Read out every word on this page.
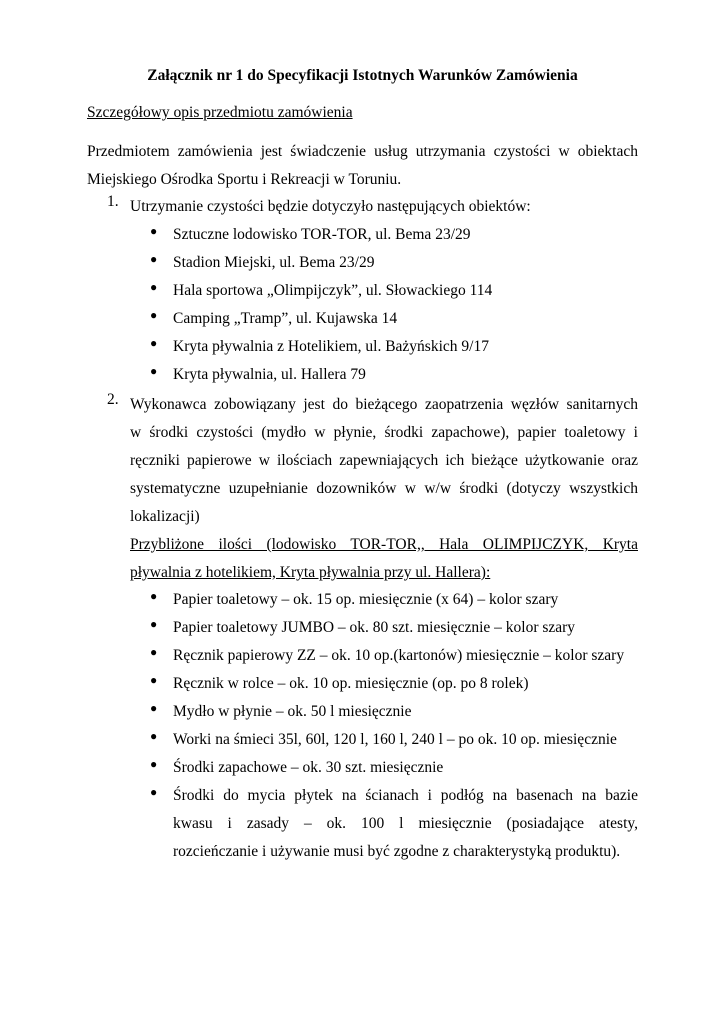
Załącznik nr 1 do Specyfikacji Istotnych Warunków Zamówienia
Szczegółowy opis przedmiotu zamówienia
Przedmiotem zamówienia jest świadczenie usług utrzymania czystości w obiektach
Miejskiego Ośrodka Sportu i Rekreacji w Toruniu.
1. Utrzymanie czystości będzie dotyczyło następujących obiektów:
● Sztuczne lodowisko TOR-TOR, ul. Bema 23/29
● Stadion Miejski, ul. Bema 23/29
● Hala sportowa „Olimpijczyk”, ul. Słowackiego 114
● Camping „Tramp”, ul. Kujawska 14
● Kryta pływalnia z Hotelikiem, ul. Bażyńskich 9/17
● Kryta pływalnia, ul. Hallera 79
2. Wykonawca zobowiązany jest do bieżącego zaopatrzenia węzłów sanitarnych
w środki czystości (mydło w płynie, środki zapachowe), papier toaletowy i
ręczniki papierowe w ilościach zapewniających ich bieżące użytkowanie oraz
systematyczne uzupełnianie dozowników w w/w środki (dotyczy wszystkich
lokalizacji)
Przybliżone ilości (lodowisko TOR-TOR,, Hala OLIMPIJCZYK, Kryta
pływalnia z hotelikiem, Kryta pływalnia przy ul. Hallera):
● Papier toaletowy – ok. 15 op. miesięcznie (x 64) – kolor szary
● Papier toaletowy JUMBO – ok. 80 szt. miesięcznie – kolor szary
● Ręcznik papierowy ZZ – ok. 10 op.(kartonów) miesięcznie – kolor szary
● Ręcznik w rolce – ok. 10 op. miesięcznie (op. po 8 rolek)
● Mydło w płynie – ok. 50 l miesięcznie
● Worki na śmieci 35l, 60l, 120 l, 160 l, 240 l – po ok. 10 op. miesięcznie
● Środki zapachowe – ok. 30 szt. miesięcznie
● Środki do mycia płytek na ścianach i podłóg na basenach na bazie
kwasu i zasady – ok. 100 l miesięcznie (posiadające atesty,
rozcieńczanie i używanie musi być zgodne z charakterystyką produktu).
